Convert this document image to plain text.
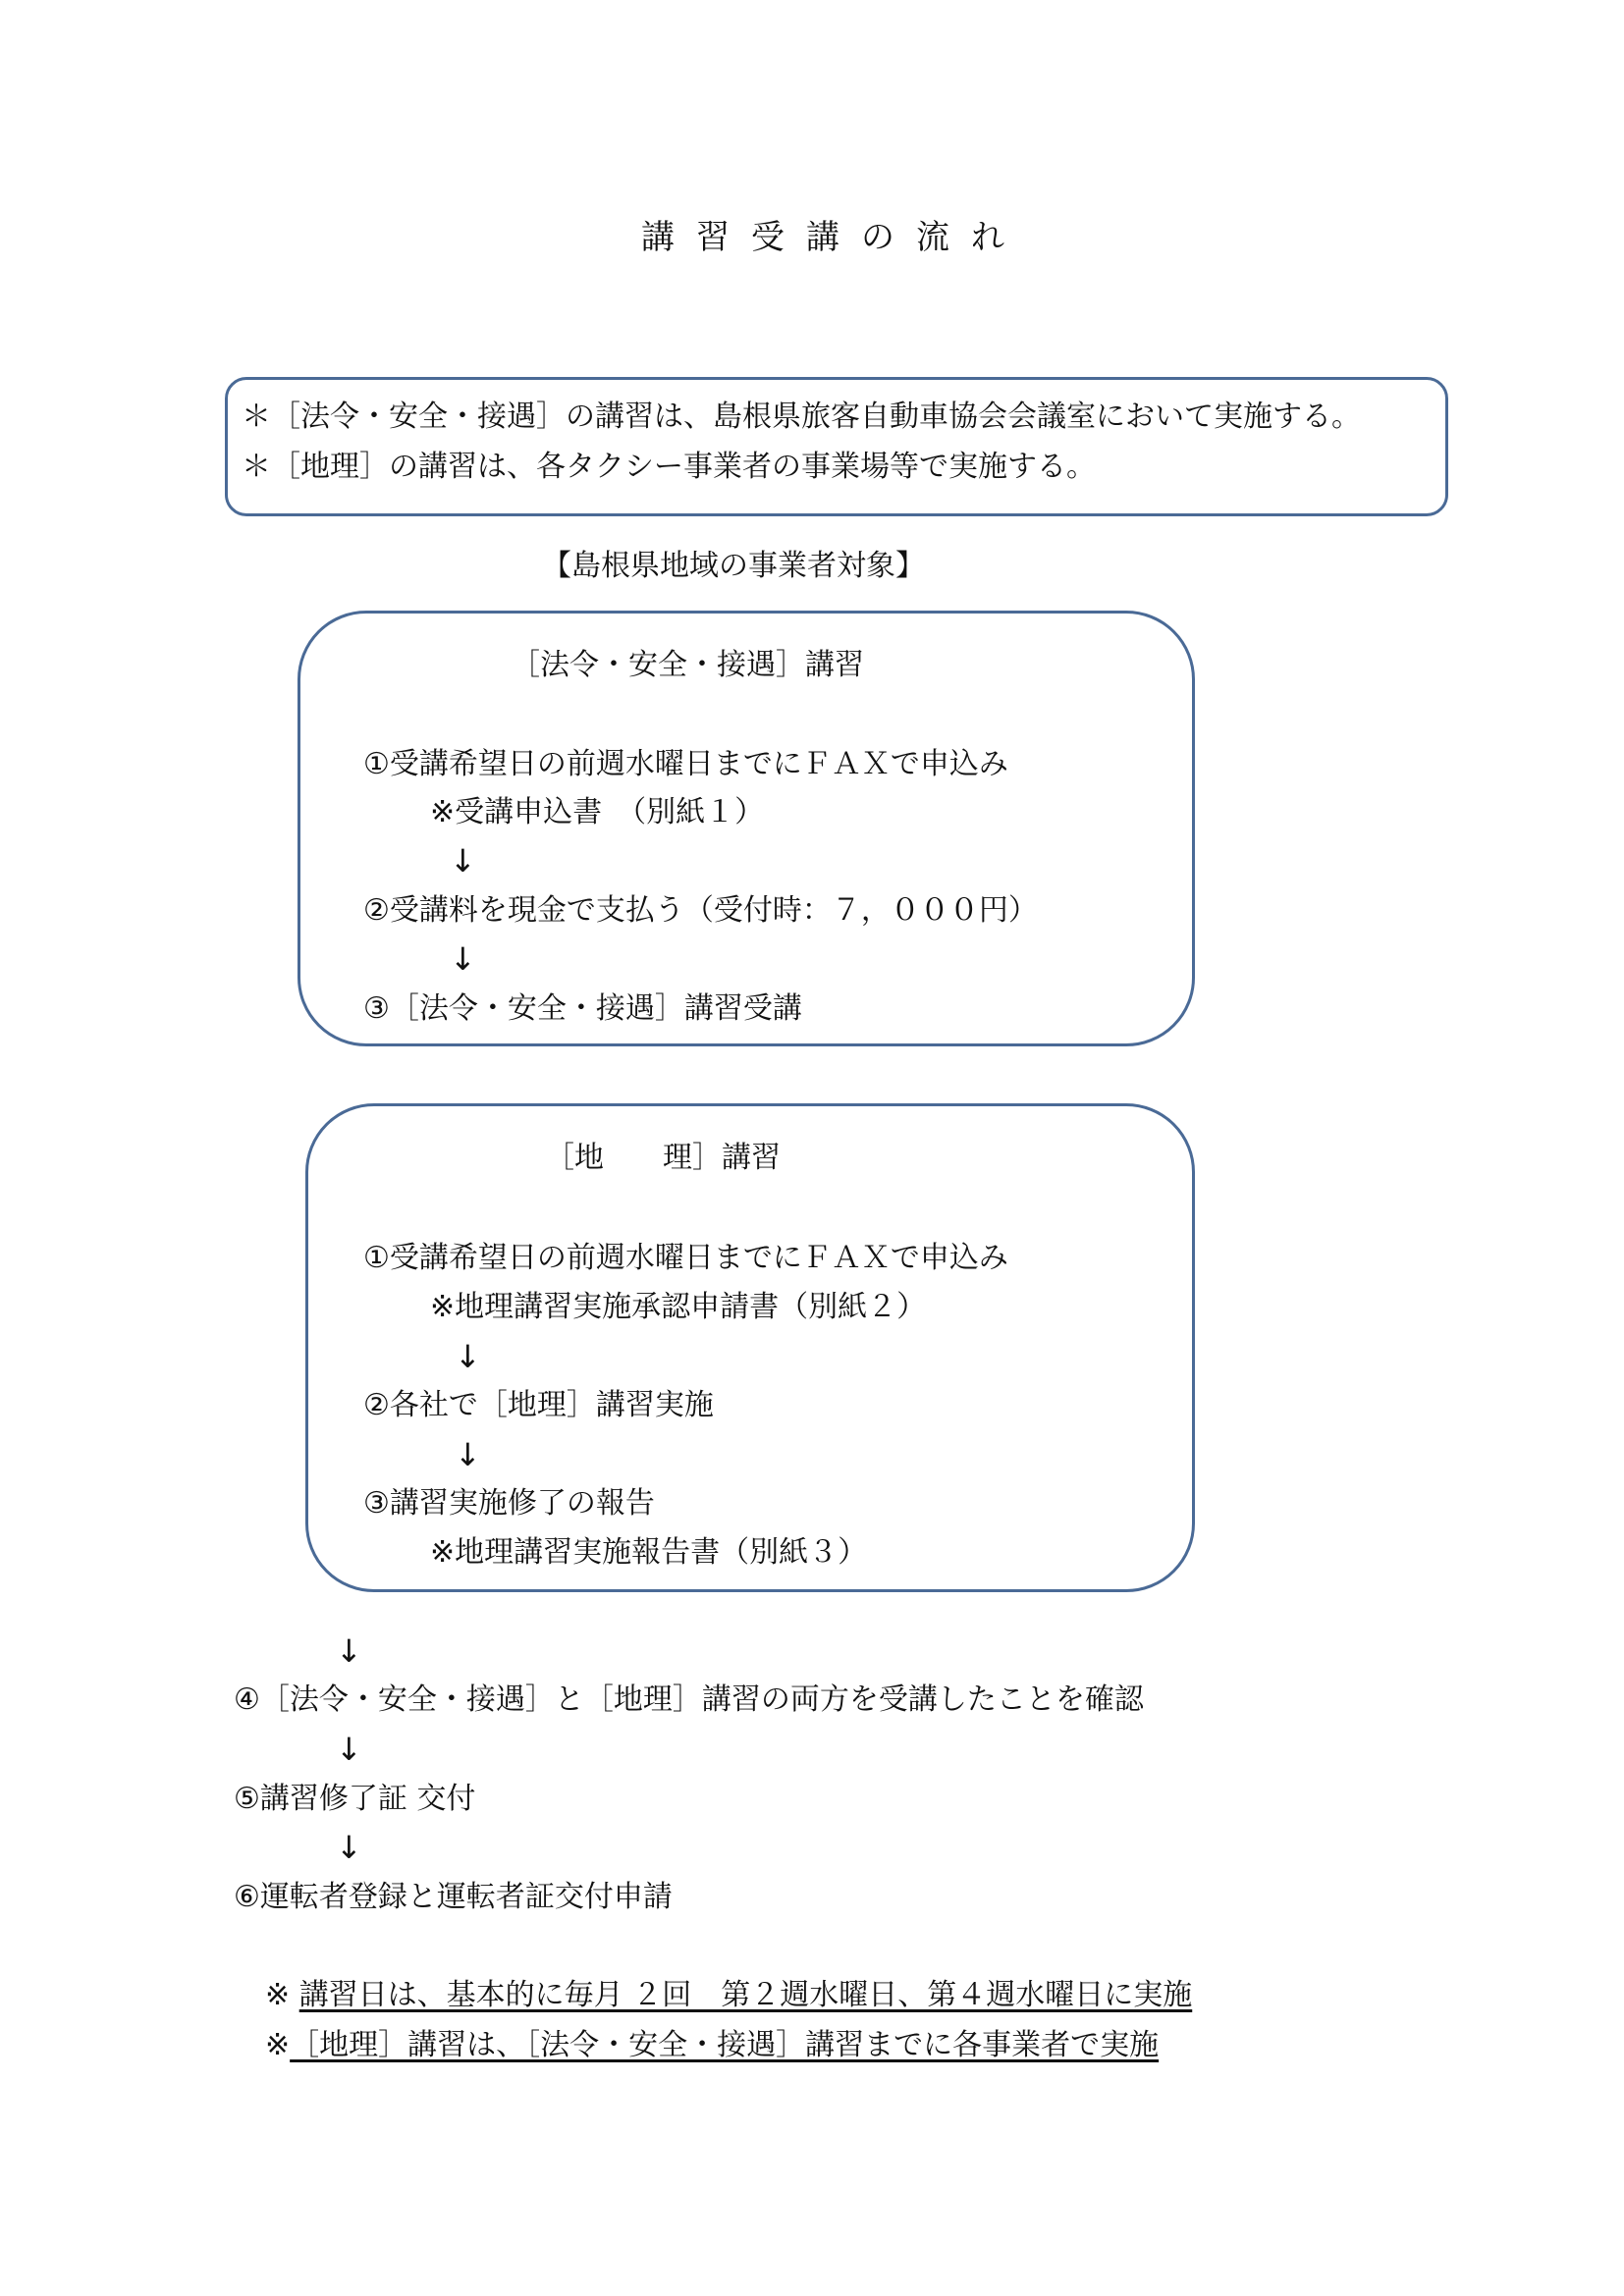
講習受講の流れ
＊［法令・安全・接遇］の講習は、島根県旅客自動車協会会議室において実施する。
＊［地理］の講習は、各タクシー事業者の事業場等で実施する。
【島根県地域の事業者対象】
［法令・安全・接遇］講習
①受講希望日の前週水曜日までにＦＡＸで申込み
※受講申込書　（別紙１）
↓
②受講料を現金で支払う（受付時：７，０００円）
↓
③［法令・安全・接遇］講習受講
［地　　理］講習
①受講希望日の前週水曜日までにＦＡＸで申込み
※地理講習実施承認申請書（別紙２）
↓
②各社で［地理］講習実施
↓
③講習実施修了の報告
※地理講習実施報告書（別紙３）
↓
④［法令・安全・接遇］と［地理］講習の両方を受講したことを確認
↓
⑤講習修了証 交付
↓
⑥運転者登録と運転者証交付申請
※ 講習日は、基本的に毎月 ２回　第２週水曜日、第４週水曜日に実施
※［地理］講習は、［法令・安全・接遇］講習までに各事業者で実施
